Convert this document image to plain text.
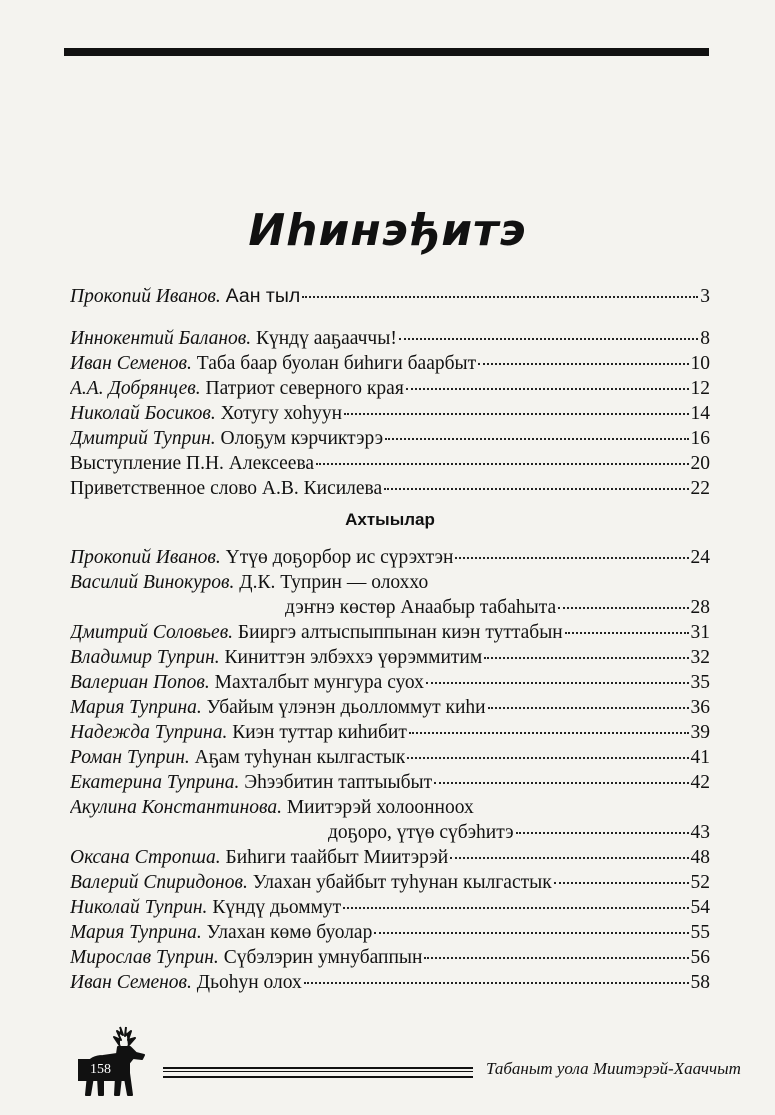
Иhинэђитэ
Прокопий Иванов. Аан тыл	3
Иннокентий Баланов. Күндү ааҕааччы!	8
Иван Семенов. Таба баар буолан биһиги баарбыт	10
А.А. Добрянцев. Патриот северного края	12
Николай Босиков. Хотугу хоһуун	14
Дмитрий Туприн. Олоҕум кэрчиктэрэ	16
Выступление П.Н. Алексеева	20
Приветственное слово А.В. Кисилева	22
Ахтыылар
Прокопий Иванов. Үтүө доҕорбор ис сүрэхтэн	24
Василий Винокуров. Д.К. Туприн — олоххо
дэҥнэ көстөр Анаабыр табаһыта	28
Дмитрий Соловьев. Бииргэ алтыспыппынан киэн туттабын	31
Владимир Туприн. Киниттэн элбэххэ үөрэммитим	32
Валериан Попов. Махталбыт мунгура суох	35
Мария Туприна. Убайым үлэнэн дьолломмут киһи	36
Надежда Туприна. Киэн туттар киһибит	39
Роман Туприн. Аҕам туһунан кылгастык	41
Екатерина Туприна. Эһээбитин таптыыбыт	42
Акулина Константинова. Миитэрэй холоонноох
доҕоро, үтүө сүбэһитэ	43
Оксана Стропша. Биһиги таайбыт Миитэрэй	48
Валерий Спиридонов. Улахан убайбыт туһунан кылгастык	52
Николай Туприн. Күндү дьоммут	54
Мария Туприна. Улахан көмө буолар	55
Мирослав Туприн. Сүбэлэрин умнубаппын	56
Иван Семенов. Дьоһун олох	58
158	Табаныт уола Миитэрэй-Хааччыт
